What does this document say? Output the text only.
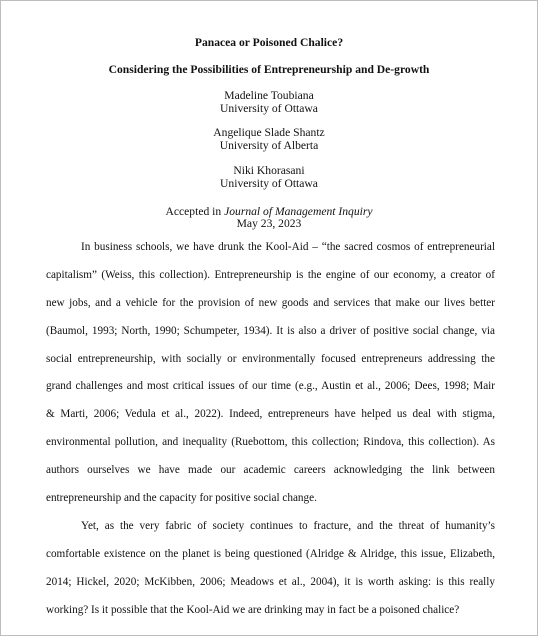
Panacea or Poisoned Chalice?
Considering the Possibilities of Entrepreneurship and De-growth
Madeline Toubiana
University of Ottawa
Angelique Slade Shantz
University of Alberta
Niki Khorasani
University of Ottawa
Accepted in Journal of Management Inquiry
May 23, 2023
In business schools, we have drunk the Kool-Aid – “the sacred cosmos of entrepreneurial
capitalism” (Weiss, this collection). Entrepreneurship is the engine of our economy, a creator of
new jobs, and a vehicle for the provision of new goods and services that make our lives better
(Baumol, 1993; North, 1990; Schumpeter, 1934). It is also a driver of positive social change, via
social entrepreneurship, with socially or environmentally focused entrepreneurs addressing the
grand challenges and most critical issues of our time (e.g., Austin et al., 2006; Dees, 1998; Mair
& Marti, 2006; Vedula et al., 2022). Indeed, entrepreneurs have helped us deal with stigma,
environmental pollution, and inequality (Ruebottom, this collection; Rindova, this collection). As
authors ourselves we have made our academic careers acknowledging the link between
entrepreneurship and the capacity for positive social change.
Yet, as the very fabric of society continues to fracture, and the threat of humanity’s
comfortable existence on the planet is being questioned (Alridge & Alridge, this issue, Elizabeth,
2014; Hickel, 2020; McKibben, 2006; Meadows et al., 2004), it is worth asking: is this really
working? Is it possible that the Kool-Aid we are drinking may in fact be a poisoned chalice?
